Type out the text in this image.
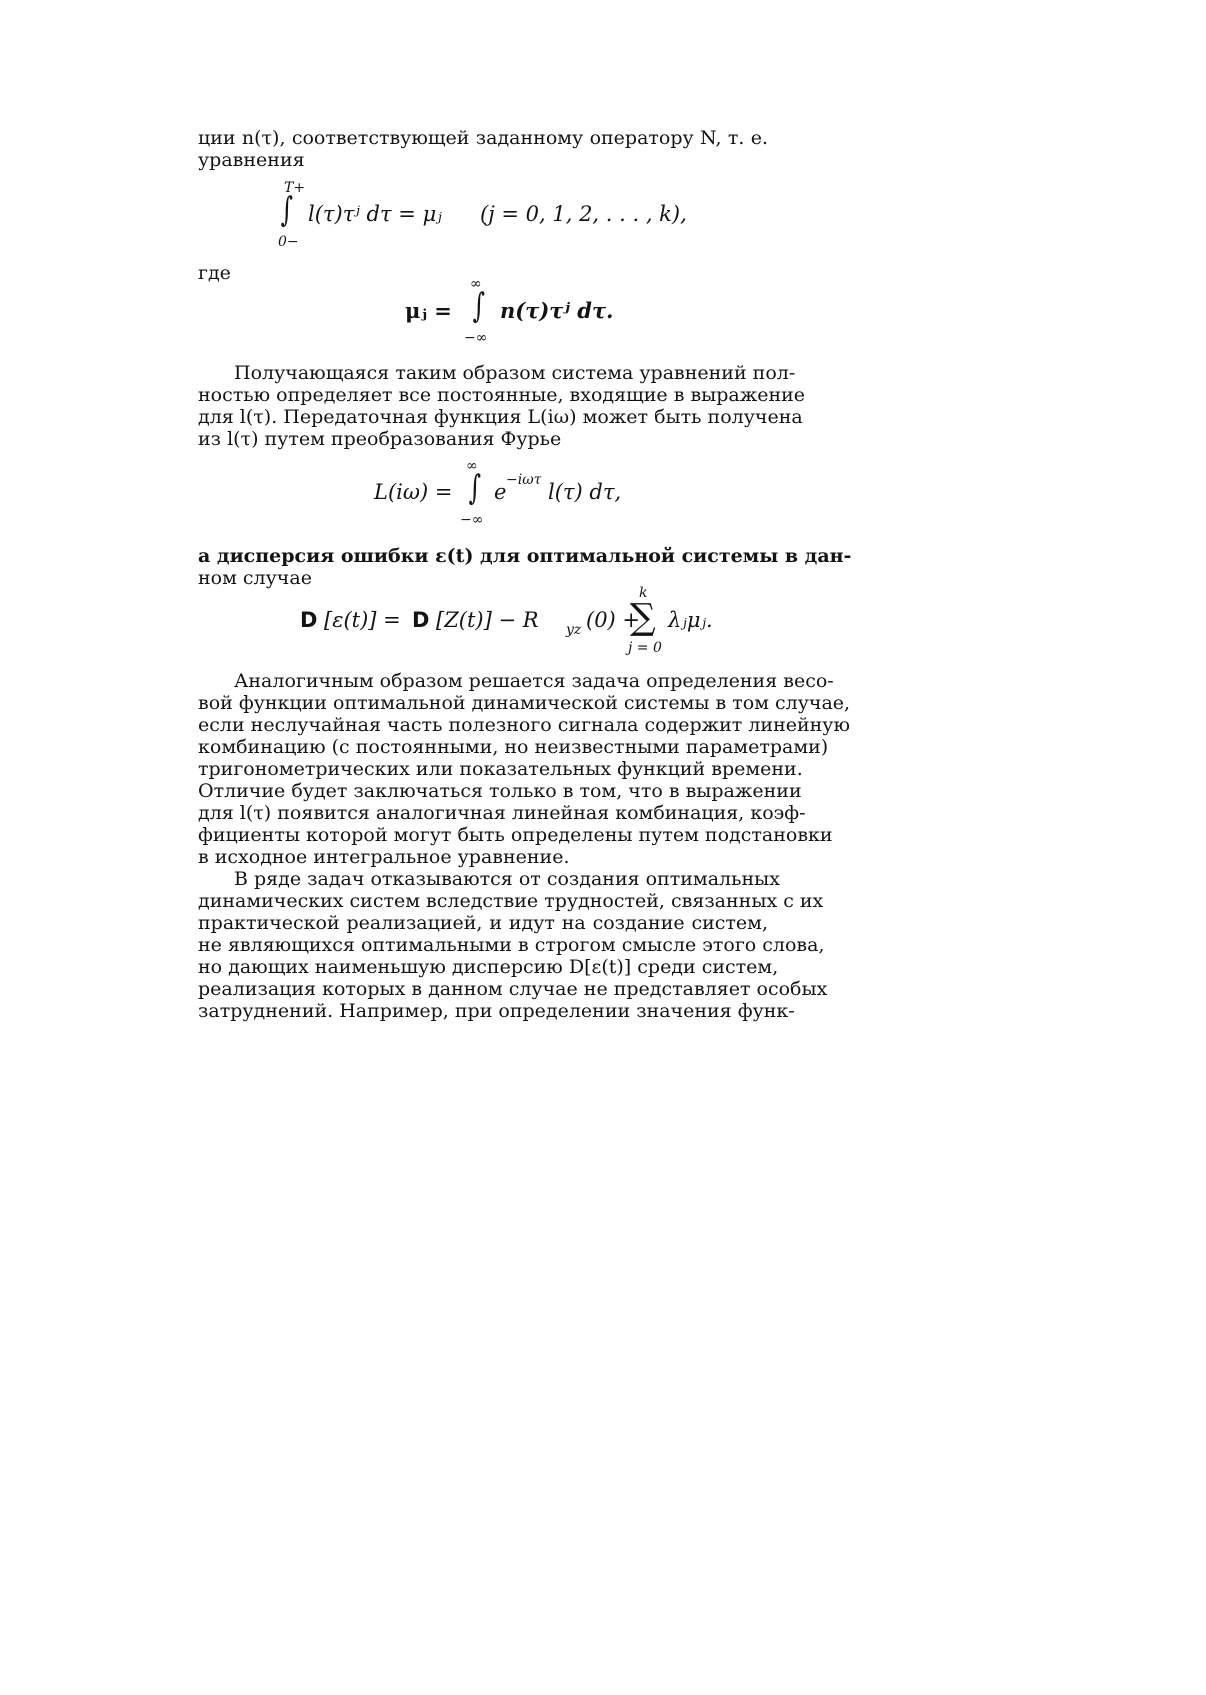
ции n(τ), соответствующей заданному оператору N, т. е.
уравнения
T+
∫
0−
l(τ)τʲ dτ = μⱼ (j = 0, 1, 2, . . . , k),
где
μⱼ =
∞
∫
−∞
n(τ)τʲ dτ.
Получающаяся таким образом система уравнений пол-
ностью определяет все постоянные, входящие в выражение
для l(τ). Передаточная функция L(iω) может быть получена
из l(τ) путем преобразования Фурье
L(iω) =
∞
∫
−∞
e −iωτ l(τ) dτ,
а дисперсия ошибки ε(t) для оптимальной системы в дан-
ном случае
D [ε(t)] = D [Z(t)] − R yz (0) +
k
∑
j = 0
λⱼμⱼ.
Аналогичным образом решается задача определения весо-
вой функции оптимальной динамической системы в том случае,
если неслучайная часть полезного сигнала содержит линейную
комбинацию (с постоянными, но неизвестными параметрами)
тригонометрических или показательных функций времени.
Отличие будет заключаться только в том, что в выражении
для l(τ) появится аналогичная линейная комбинация, коэф-
фициенты которой могут быть определены путем подстановки
в исходное интегральное уравнение.
В ряде задач отказываются от создания оптимальных
динамических систем вследствие трудностей, связанных с их
практической реализацией, и идут на создание систем,
не являющихся оптимальными в строгом смысле этого слова,
но дающих наименьшую дисперсию D[ε(t)] среди систем,
реализация которых в данном случае не представляет особых
затруднений. Например, при определении значения функ-
